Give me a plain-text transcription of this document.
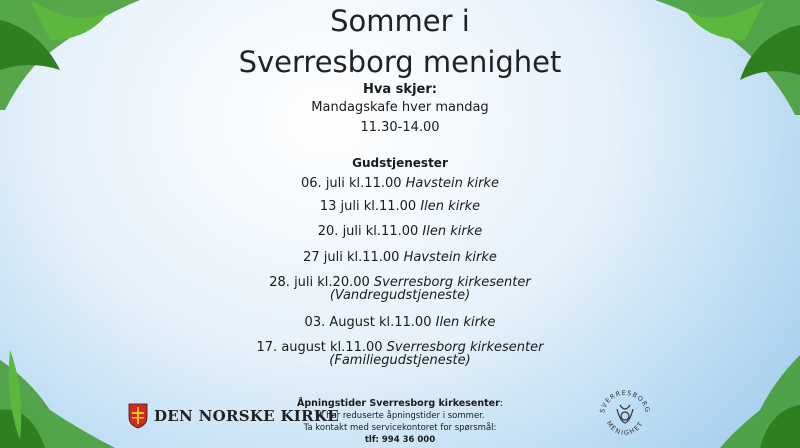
Sommer i
Sverresborg menighet
Hva skjer:
Mandagskafe hver mandag
11.30-14.00
Gudstjenester
06. juli kl.11.00 Havstein kirke
13 juli kl.11.00 Ilen kirke
20. juli kl.11.00 Ilen kirke
27 juli kl.11.00 Havstein kirke
28. juli kl.20.00 Sverresborg kirkesenter
(Vandregudstjeneste)
03. August kl.11.00 Ilen kirke
17. august kl.11.00 Sverresborg kirkesenter
(Familiegudstjeneste)
Åpningstider Sverresborg kirkesenter:
Vi har reduserte åpningstider i sommer.
Ta kontakt med servicekontoret for spørsmål:
tlf: 994 36 000
DEN NORSKE KIRKE	SVERRESBORG
MENIGHET
